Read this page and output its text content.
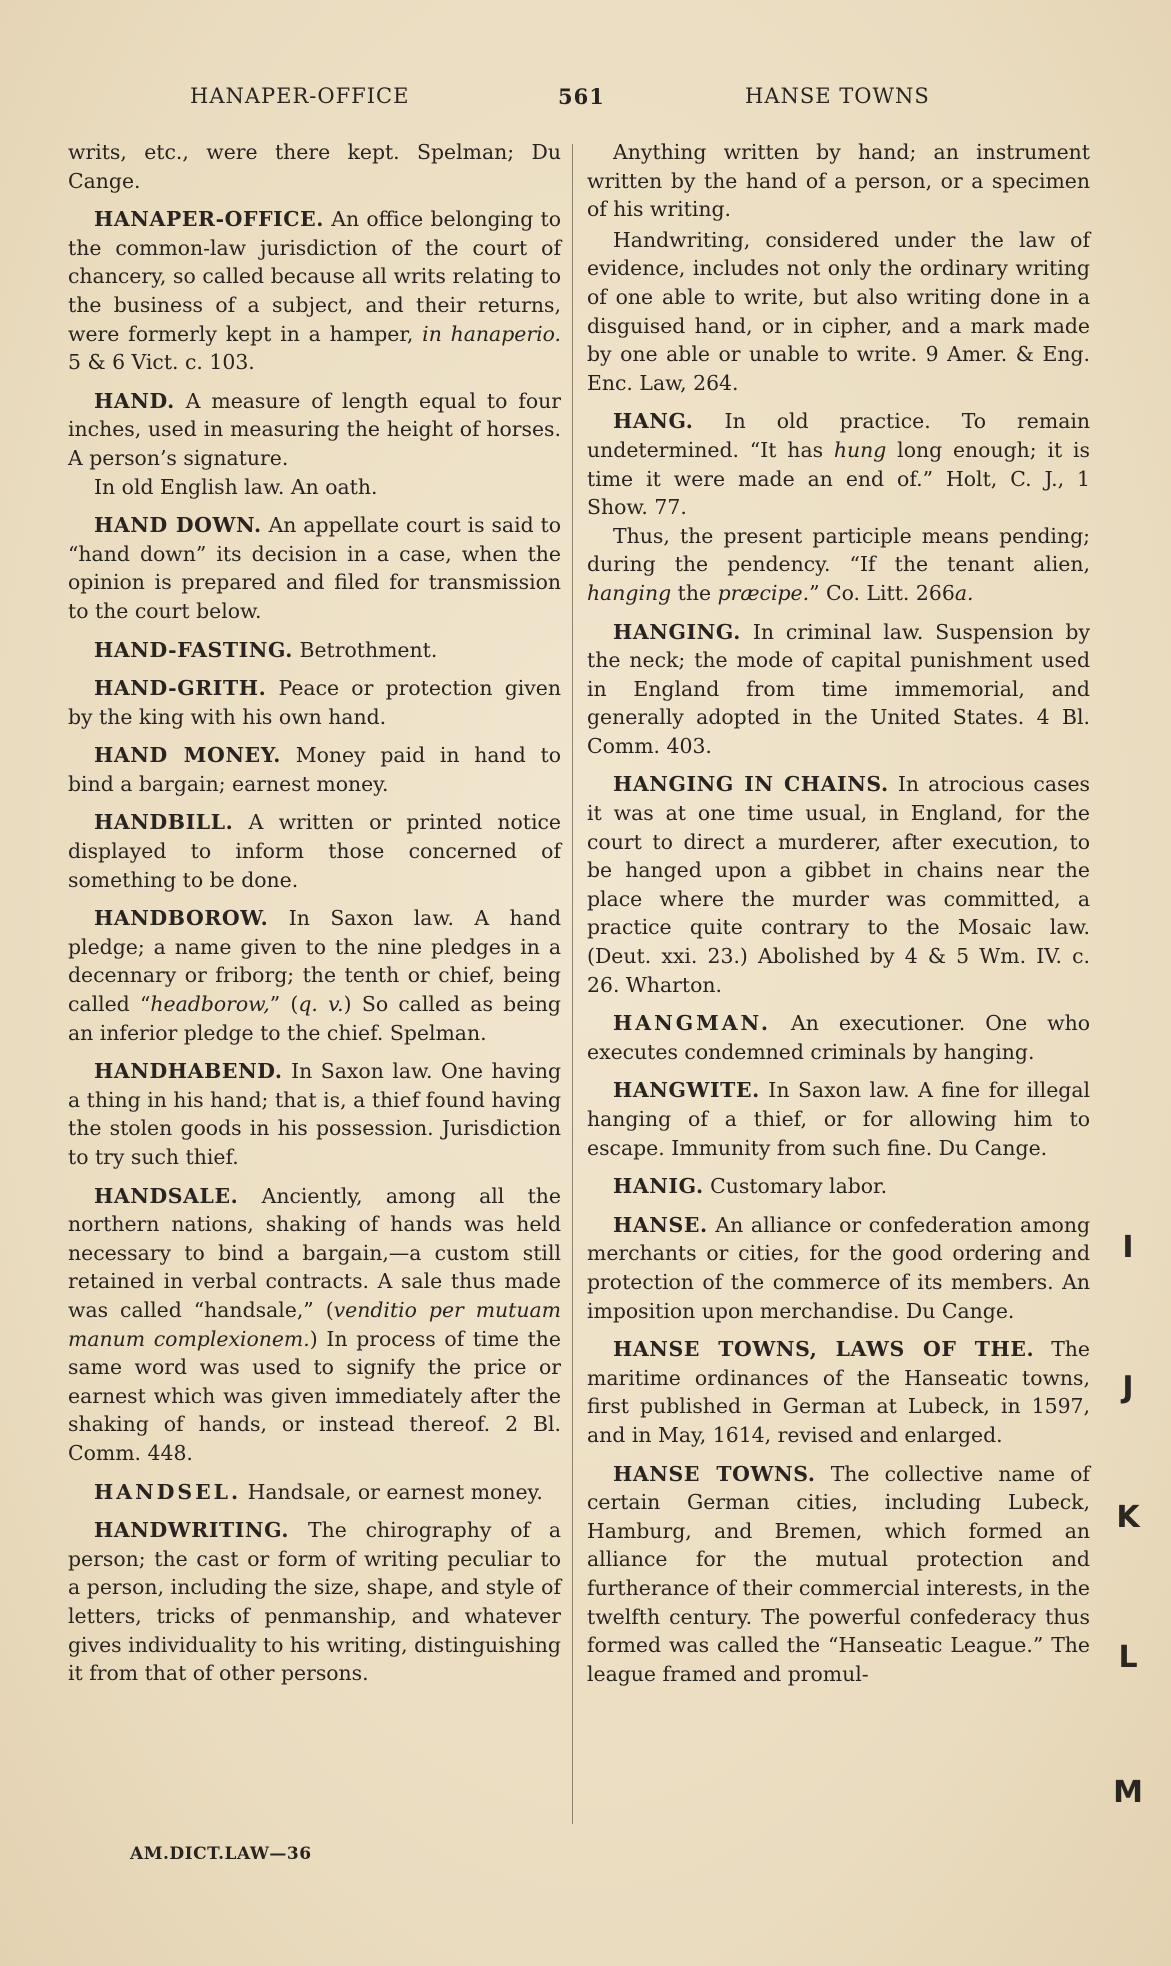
HANAPER-OFFICE	561	HANSE TOWNS

writs, etc., were there kept. Spelman; Du Cange.

HANAPER-OFFICE. An office belonging to the common-law jurisdiction of the court of chancery, so called because all writs relating to the business of a subject, and their returns, were formerly kept in a hamper, in hanaperio. 5 & 6 Vict. c. 103.

HAND. A measure of length equal to four inches, used in measuring the height of horses. A person’s signature.

In old English law. An oath.

HAND DOWN. An appellate court is said to “hand down” its decision in a case, when the opinion is prepared and filed for transmission to the court below.

HAND-FASTING. Betrothment.

HAND-GRITH. Peace or protection given by the king with his own hand.

HAND MONEY. Money paid in hand to bind a bargain; earnest money.

HANDBILL. A written or printed notice displayed to inform those concerned of something to be done.

HANDBOROW. In Saxon law. A hand pledge; a name given to the nine pledges in a decennary or friborg; the tenth or chief, being called “headborow,” (q. v.) So called as being an inferior pledge to the chief. Spelman.

HANDHABEND. In Saxon law. One having a thing in his hand; that is, a thief found having the stolen goods in his possession. Jurisdiction to try such thief.

HANDSALE. Anciently, among all the northern nations, shaking of hands was held necessary to bind a bargain,—a custom still retained in verbal contracts. A sale thus made was called “handsale,” (venditio per mutuam manum complexionem.) In process of time the same word was used to signify the price or earnest which was given immediately after the shaking of hands, or instead thereof. 2 Bl. Comm. 448.

HANDSEL. Handsale, or earnest money.

HANDWRITING. The chirography of a person; the cast or form of writing peculiar to a person, including the size, shape, and style of letters, tricks of penmanship, and whatever gives individuality to his writing, distinguishing it from that of other persons.

Anything written by hand; an instrument written by the hand of a person, or a specimen of his writing.

Handwriting, considered under the law of evidence, includes not only the ordinary writing of one able to write, but also writing done in a disguised hand, or in cipher, and a mark made by one able or unable to write. 9 Amer. & Eng. Enc. Law, 264.

HANG. In old practice. To remain undetermined. “It has hung long enough; it is time it were made an end of.” Holt, C. J., 1 Show. 77.

Thus, the present participle means pending; during the pendency. “If the tenant alien, hanging the præcipe.” Co. Litt. 266a.

HANGING. In criminal law. Suspension by the neck; the mode of capital punishment used in England from time immemorial, and generally adopted in the United States. 4 Bl. Comm. 403.

HANGING IN CHAINS. In atrocious cases it was at one time usual, in England, for the court to direct a murderer, after execution, to be hanged upon a gibbet in chains near the place where the murder was committed, a practice quite contrary to the Mosaic law. (Deut. xxi. 23.) Abolished by 4 & 5 Wm. IV. c. 26. Wharton.

HANGMAN. An executioner. One who executes condemned criminals by hanging.

HANGWITE. In Saxon law. A fine for illegal hanging of a thief, or for allowing him to escape. Immunity from such fine. Du Cange.

HANIG. Customary labor.

HANSE. An alliance or confederation among merchants or cities, for the good ordering and protection of the commerce of its members. An imposition upon merchandise. Du Cange.

HANSE TOWNS, LAWS OF THE. The maritime ordinances of the Hanseatic towns, first published in German at Lubeck, in 1597, and in May, 1614, revised and enlarged.

HANSE TOWNS. The collective name of certain German cities, including Lubeck, Hamburg, and Bremen, which formed an alliance for the mutual protection and furtherance of their commercial interests, in the twelfth century. The powerful confederacy thus formed was called the “Hanseatic League.” The league framed and promul-

AM.DICT.LAW—36
I
J
K
L
M
